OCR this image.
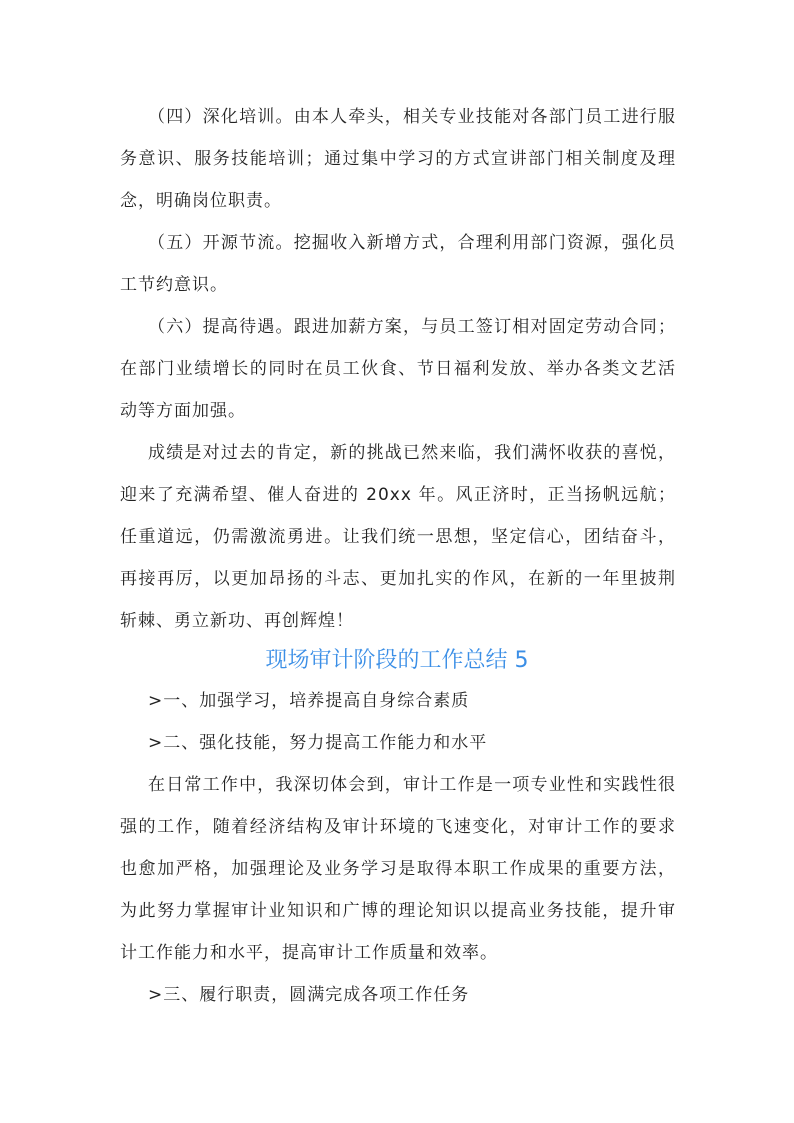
（四）深化培训。由本人牵头，相关专业技能对各部门员工进行服务意识、服务技能培训；通过集中学习的方式宣讲部门相关制度及理念，明确岗位职责。

（五）开源节流。挖掘收入新增方式，合理利用部门资源，强化员工节约意识。

（六）提高待遇。跟进加薪方案，与员工签订相对固定劳动合同；在部门业绩增长的同时在员工伙食、节日福利发放、举办各类文艺活动等方面加强。

成绩是对过去的肯定，新的挑战已然来临，我们满怀收获的喜悦，迎来了充满希望、催人奋进的 20xx 年。风正济时，正当扬帆远航；任重道远，仍需激流勇进。让我们统一思想，坚定信心，团结奋斗，再接再厉，以更加昂扬的斗志、更加扎实的作风，在新的一年里披荆斩棘、勇立新功、再创辉煌！

现场审计阶段的工作总结 5

>一、加强学习，培养提高自身综合素质

>二、强化技能，努力提高工作能力和水平

在日常工作中，我深切体会到，审计工作是一项专业性和实践性很强的工作，随着经济结构及审计环境的飞速变化，对审计工作的要求也愈加严格，加强理论及业务学习是取得本职工作成果的重要方法，为此努力掌握审计业知识和广博的理论知识以提高业务技能，提升审计工作能力和水平，提高审计工作质量和效率。

>三、履行职责，圆满完成各项工作任务
